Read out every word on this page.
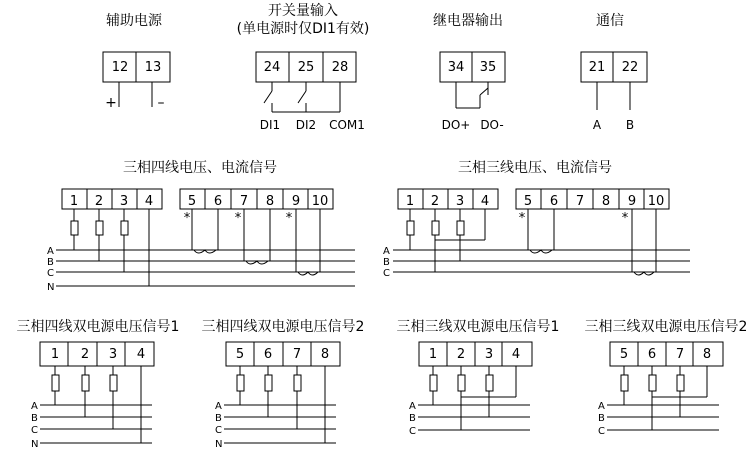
辅助电源
开关量输入
(单电源时仅DI1有效)	继电器输出	通信
12 13	24 25 28	34 35	21 22
+	–
DI1 DI2 COM1	DO+ DO-	A B
三相四线电压、电流信号	三相三线电压、电流信号
1 2 3 4	5 6 7 8 9 10	1 2 3 4	5 6 7 8 9 10
*	*	*	*	*
A
B
C
N
A
B
C
三相四线双电源电压信号1 三相四线双电源电压信号2 三相三线双电源电压信号1 三相三线双电源电压信号2
1 2 3 4	5 6 7 8	1 2 3 4	5 6 7 8
A
B
C
N
A
B
C
N
A
B
C
A
B
C
